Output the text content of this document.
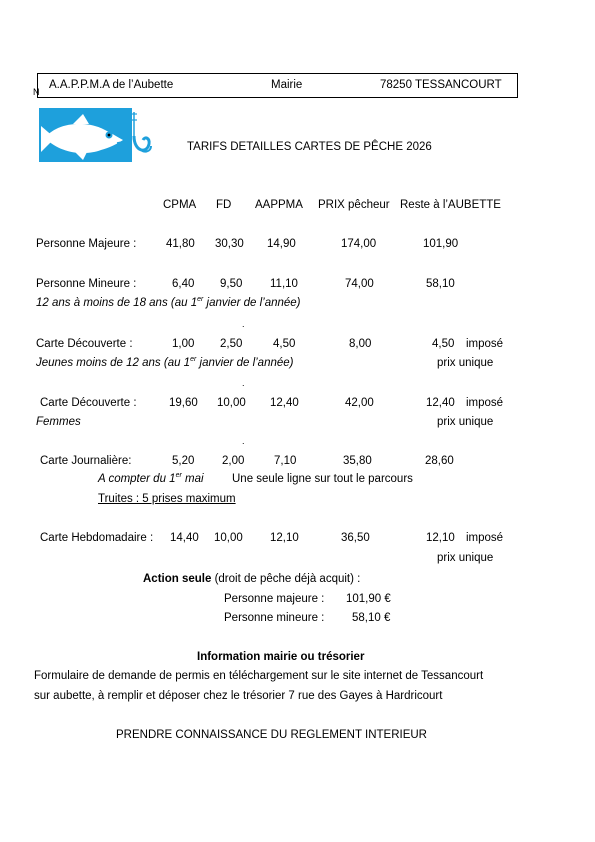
N
A.A.P.P.M.A de l’Aubette	Mairie	78250 TESSANCOURT
TARIFS DETAILLES CARTES DE PÊCHE 2026
CPMA FD AAPPMA PRIX pêcheur Reste à l’AUBETTE
Personne Majeure :	41,80 30,30 14,90	174,00	101,90
Personne Mineure :	6,40 9,50 11,10	74,00	58,10
12 ans à moins de 18 ans (au 1er janvier de l’année)
.
Carte Découverte :	1,00 2,50	4,50	8,00	4,50 imposé
Jeunes moins de 12 ans (au 1er janvier de l’année)	prix unique
.
Carte Découverte :	19,60 10,00 12,40	42,00	12,40 imposé
Femmes	prix unique
.
Carte Journalière:	5,20 2,00	7,10	35,80	28,60
A compter du 1er mai Une seule ligne sur tout le parcours
Truites : 5 prises maximum
Carte Hebdomadaire : 14,40 10,00 12,10	36,50	12,10 imposé
prix unique
Action seule (droit de pêche déjà acquit) :
Personne majeure : 101,90 €
Personne mineure : 58,10 €
Information mairie ou trésorier
Formulaire de demande de permis en téléchargement sur le site internet de Tessancourt
sur aubette, à remplir et déposer chez le trésorier 7 rue des Gayes à Hardricourt
PRENDRE CONNAISSANCE DU REGLEMENT INTERIEUR
